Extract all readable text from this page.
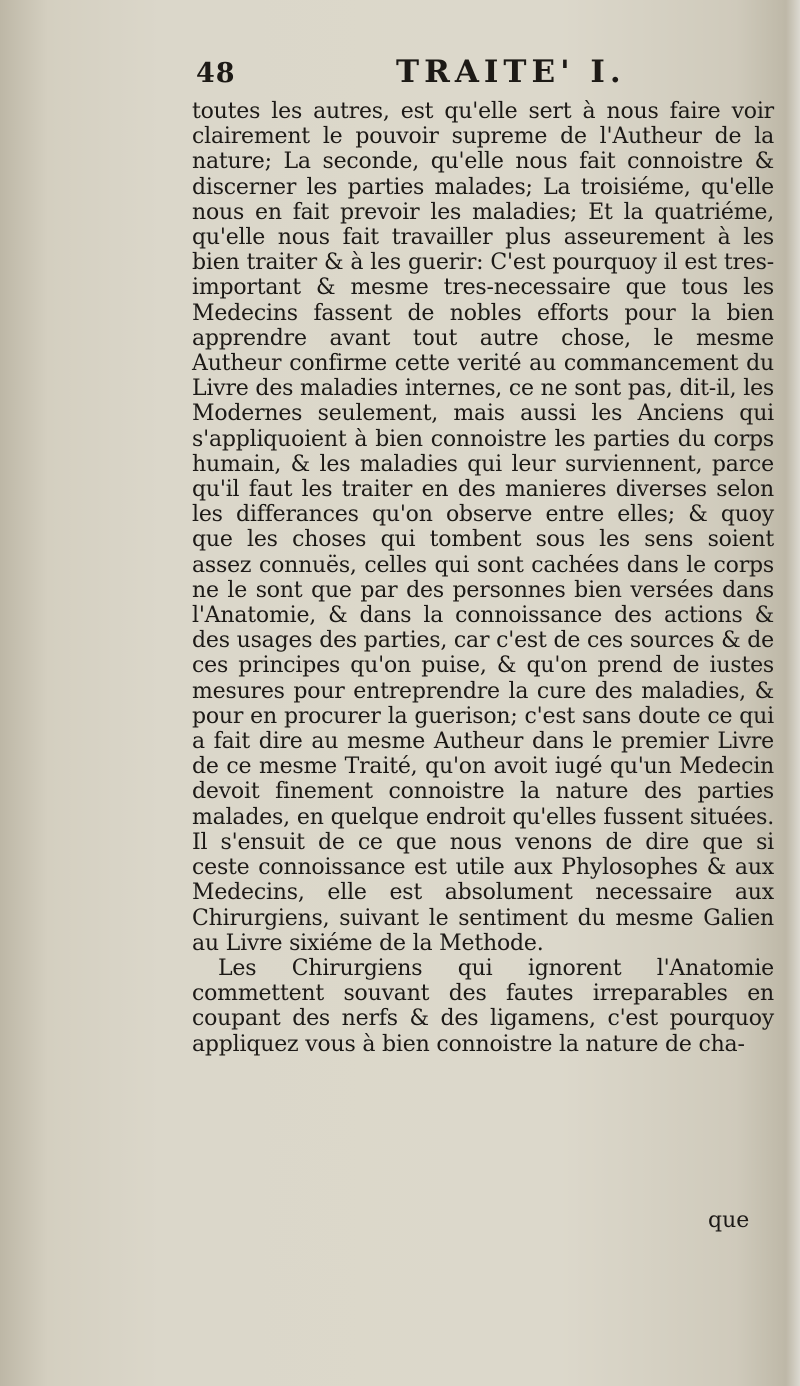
48	TRAITE' I.

toutes les autres, est qu'elle sert à nous faire voir clairement le pouvoir supreme de l'Autheur de la nature; La seconde, qu'elle nous fait connoistre & discerner les parties malades; La troisiéme, qu'elle nous en fait prevoir les maladies; Et la quatriéme, qu'elle nous fait travailler plus asseurement à les bien traiter & à les guerir: C'est pourquoy il est tres-important & mesme tres-necessaire que tous les Medecins fassent de nobles efforts pour la bien apprendre avant tout autre chose, le mesme Autheur confirme cette verité au commancement du Livre des maladies internes, ce ne sont pas, dit-il, les Modernes seulement, mais aussi les Anciens qui s'appliquoient à bien connoistre les parties du corps humain, & les maladies qui leur surviennent, parce qu'il faut les traiter en des manieres diverses selon les differances qu'on observe entre elles; & quoy que les choses qui tombent sous les sens soient assez connuës, celles qui sont cachées dans le corps ne le sont que par des personnes bien versées dans l'Anatomie, & dans la connoissance des actions & des usages des parties, car c'est de ces sources & de ces principes qu'on puise, & qu'on prend de iustes mesures pour entreprendre la cure des maladies, & pour en procurer la guerison; c'est sans doute ce qui a fait dire au mesme Autheur dans le premier Livre de ce mesme Traité, qu'on avoit iugé qu'un Medecin devoit finement connoistre la nature des parties malades, en quelque endroit qu'elles fussent situées. Il s'ensuit de ce que nous venons de dire que si ceste connoissance est utile aux Phylosophes & aux Medecins, elle est absolument necessaire aux Chirurgiens, suivant le sentiment du mesme Galien au Livre sixiéme de la Methode.

Les Chirurgiens qui ignorent l'Anatomie commettent souvant des fautes irreparables en coupant des nerfs & des ligamens, c'est pourquoy appliquez vous à bien connoistre la nature de cha-

que
